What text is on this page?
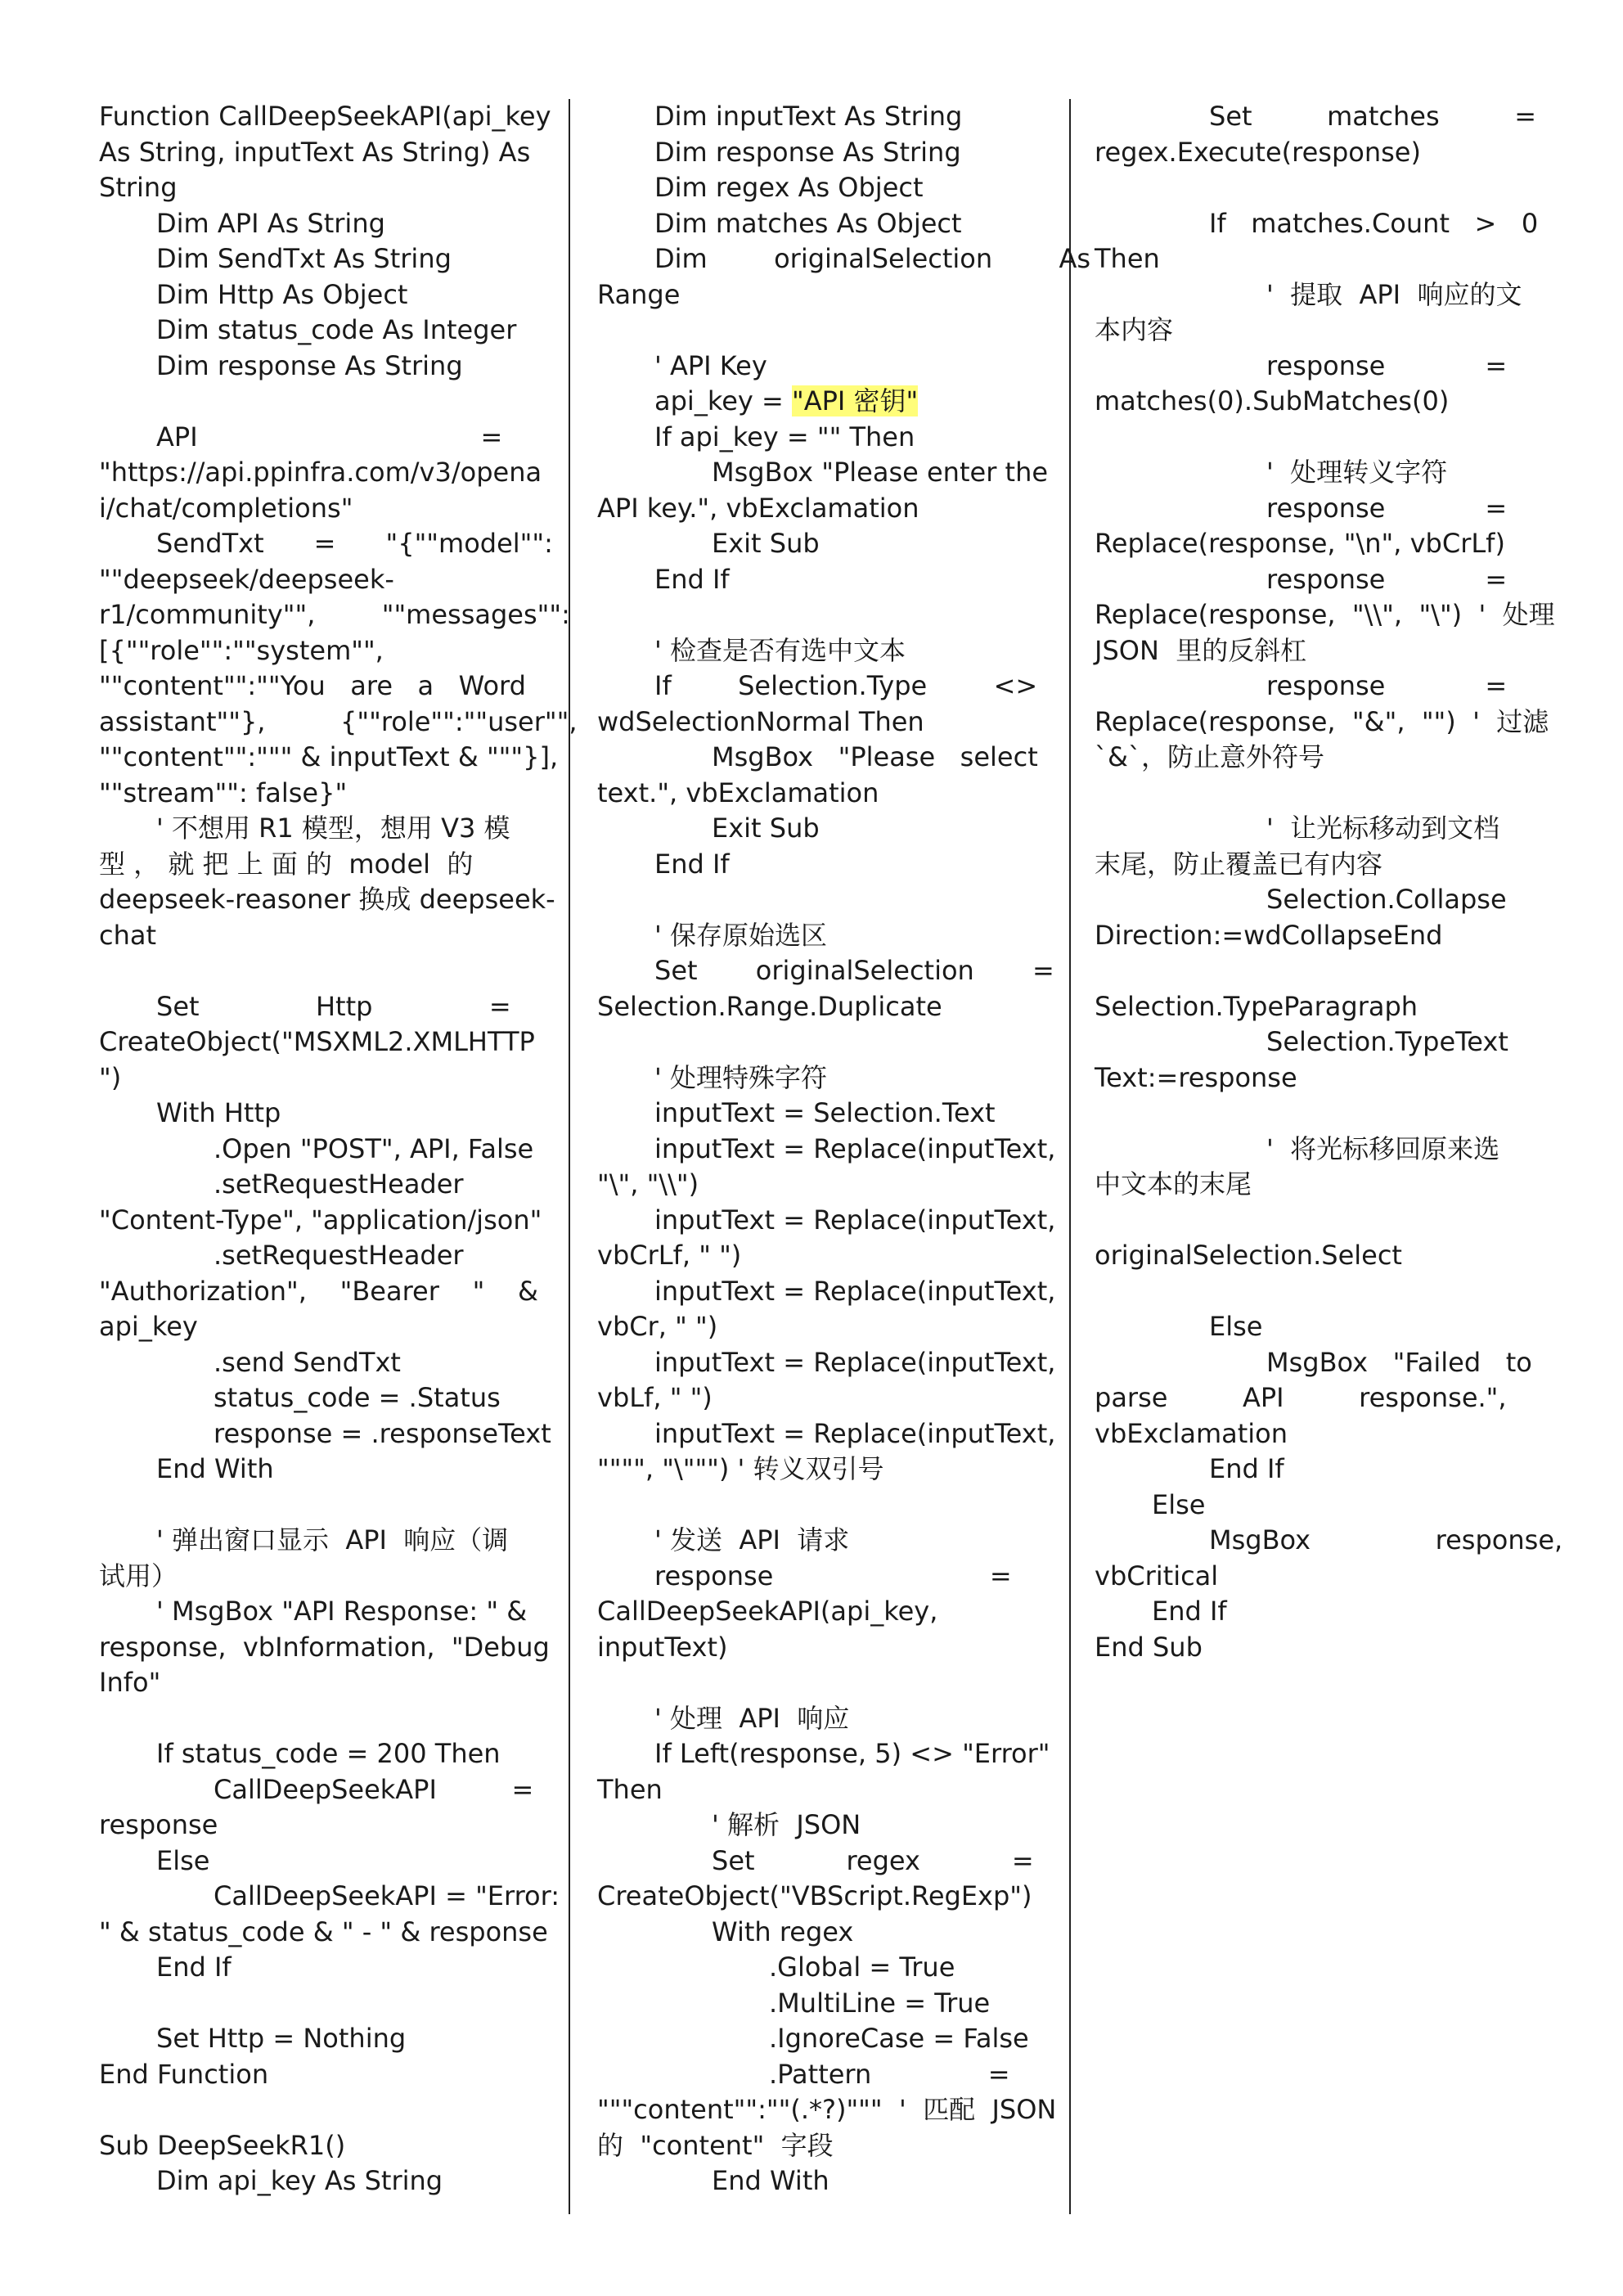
Function CallDeepSeekAPI(api_key
As String, inputText As String) As
String
Dim API As String
Dim SendTxt As String
Dim Http As Object
Dim status_code As Integer
Dim response As String
API                                  =
"https://api.ppinfra.com/v3/opena
i/chat/completions"
SendTxt      =      "{""model"":
""deepseek/deepseek-
r1/community"",        ""messages"":
[{""role"":""system"",
""content"":""You   are   a   Word
assistant""},         {""role"":""user"",
""content"":""" & inputText & """}],
""stream"": false}"
' 不想用 R1 模型，想用 V3 模
型 ， 就 把 上 面 的  model  的
deepseek-reasoner 换成 deepseek-
chat
Set              Http              =
CreateObject("MSXML2.XMLHTTP
")
With Http
.Open "POST", API, False
.setRequestHeader
"Content-Type", "application/json"
.setRequestHeader
"Authorization",    "Bearer    "    &
api_key
.send SendTxt
status_code = .Status
response = .responseText
End With
' 弹出窗口显示  API  响应（调
试用）
' MsgBox "API Response: " &
response,  vbInformation,  "Debug
Info"
If status_code = 200 Then
CallDeepSeekAPI         =
response
Else
CallDeepSeekAPI = "Error:
" & status_code & " - " & response
End If
Set Http = Nothing
End Function
Sub DeepSeekR1()
Dim api_key As String
Dim inputText As String
Dim response As String
Dim regex As Object
Dim matches As Object
Dim        originalSelection        As
Range
' API Key
api_key = "API 密钥"
If api_key = "" Then
MsgBox "Please enter the
API key.", vbExclamation
Exit Sub
End If
' 检查是否有选中文本
If        Selection.Type        <>
wdSelectionNormal Then
MsgBox   "Please   select
text.", vbExclamation
Exit Sub
End If
' 保存原始选区
Set       originalSelection       =
Selection.Range.Duplicate
' 处理特殊字符
inputText = Selection.Text
inputText = Replace(inputText,
"\", "\\")
inputText = Replace(inputText,
vbCrLf, " ")
inputText = Replace(inputText,
vbCr, " ")
inputText = Replace(inputText,
vbLf, " ")
inputText = Replace(inputText,
"""", "\""") ' 转义双引号
' 发送  API  请求
response                          =
CallDeepSeekAPI(api_key,
inputText)
' 处理  API  响应
If Left(response, 5) <> "Error"
Then
' 解析  JSON
Set           regex           =
CreateObject("VBScript.RegExp")
With regex
.Global = True
.MultiLine = True
.IgnoreCase = False
.Pattern              =
"""content"":""(.*?)"""  '  匹配  JSON
的  "content"  字段
End With
Set         matches         =
regex.Execute(response)
If   matches.Count   >   0
Then
'  提取  API  响应的文
本内容
response            =
matches(0).SubMatches(0)
'  处理转义字符
response            =
Replace(response, "\n", vbCrLf)
response            =
Replace(response,  "\\",  "\")  '  处理
JSON  里的反斜杠
response            =
Replace(response,  "&",  "")  '  过滤
`&`，防止意外符号
'  让光标移动到文档
末尾，防止覆盖已有内容
Selection.Collapse
Direction:=wdCollapseEnd
Selection.TypeParagraph
Selection.TypeText
Text:=response
'  将光标移回原来选
中文本的末尾
originalSelection.Select
Else
MsgBox   "Failed   to
parse         API         response.",
vbExclamation
End If
Else
MsgBox               response,
vbCritical
End If
End Sub
